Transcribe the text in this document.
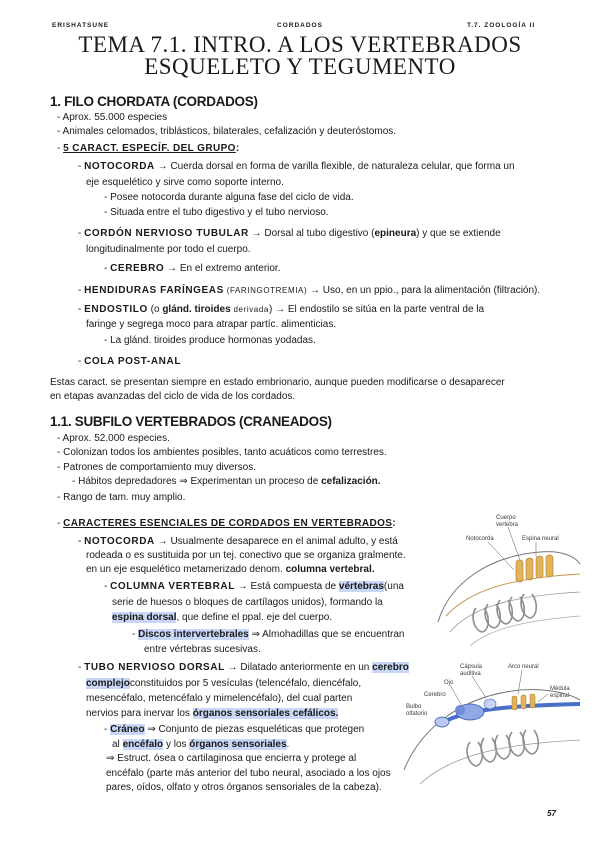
ERISHATSUNE	CORDADOS	T.7. ZOOLOGÍA II
TEMA 7.1. INTRO. A LOS VERTEBRADOS
ESQUELETO Y TEGUMENTO
1. FILO CHORDATA (CORDADOS)
- Aprox. 55.000 especies
- Animales celomados, triblásticos, bilaterales, cefalización y deuteróstomos.
- 5 CARACT. ESPECÍF. DEL GRUPO:
- NOTOCORDA → Cuerda dorsal en forma de varilla flexible, de naturaleza celular, que forma un
eje esquelético y sirve como soporte interno.
- Posee notocorda durante alguna fase del ciclo de vida.
- Situada entre el tubo digestivo y el tubo nervioso.
- CORDÓN NERVIOSO TUBULAR → Dorsal al tubo digestivo (epineura) y que se extiende
longitudinalmente por todo el cuerpo.
- CEREBRO → En el extremo anterior.
- HENDIDURAS FARÍNGEAS (FARINGOTREMIA) → Uso, en un ppio., para la alimentación (filtración).
- ENDOSTILO (o glánd. tiroides derivada) → El endostilo se sitúa en la parte ventral de la
faringe y segrega moco para atrapar partíc. alimenticias.
- La glánd. tiroides produce hormonas yodadas.
- COLA POST-ANAL
Estas caract. se presentan siempre en estado embrionario, aunque pueden modificarse o desaparecer
en etapas avanzadas del ciclo de vida de los cordados.
1.1. SUBFILO VERTEBRADOS (CRANEADOS)
- Aprox. 52.000 especies.
- Colonizan todos los ambientes posibles, tanto acuáticos como terrestres.
- Patrones de comportamiento muy diversos.
- Hábitos depredadores ⇒ Experimentan un proceso de cefalización.
- Rango de tam. muy amplio.
- CARACTERES ESENCIALES DE CORDADOS EN VERTEBRADOS:
- NOTOCORDA → Usualmente desaparece en el animal adulto, y está
rodeada o es sustituida por un tej. conectivo que se organiza gralmente.
en un eje esquelético metamerizado denom. columna vertebral.
- COLUMNA VERTEBRAL → Está compuesta de vértebras(una
serie de huesos o bloques de cartílagos unidos), formando la
espina dorsal, que define el ppal. eje del cuerpo.
- Discos intervertebrales ⇒ Almohadillas que se encuentran
entre vértebras sucesivas.
- TUBO NERVIOSO DORSAL → Dilatado anteriormente en un cerebro
complejoconstituidos por 5 vesículas (telencéfalo, diencéfalo,
mesencéfalo, metencéfalo y mimelencéfalo), del cual parten
nervios para inervar los órganos sensoriales cefálicos.
- Cráneo ⇒ Conjunto de piezas esqueléticas que protegen
al encéfalo y los órganos sensoriales.
⇒ Estruct. ósea o cartilaginosa que encierra y protege al
encéfalo (parte más anterior del tubo neural, asociado a los ojos
pares, oídos, olfato y otros órganos sensoriales de la cabeza).
Cuerpo
vertebra
Notocorda	Espina neural
Cápsula
auditiva
Ojo
Arco neural
Cerebro
Médula
espinal
Bulbo
olfatorio
57
